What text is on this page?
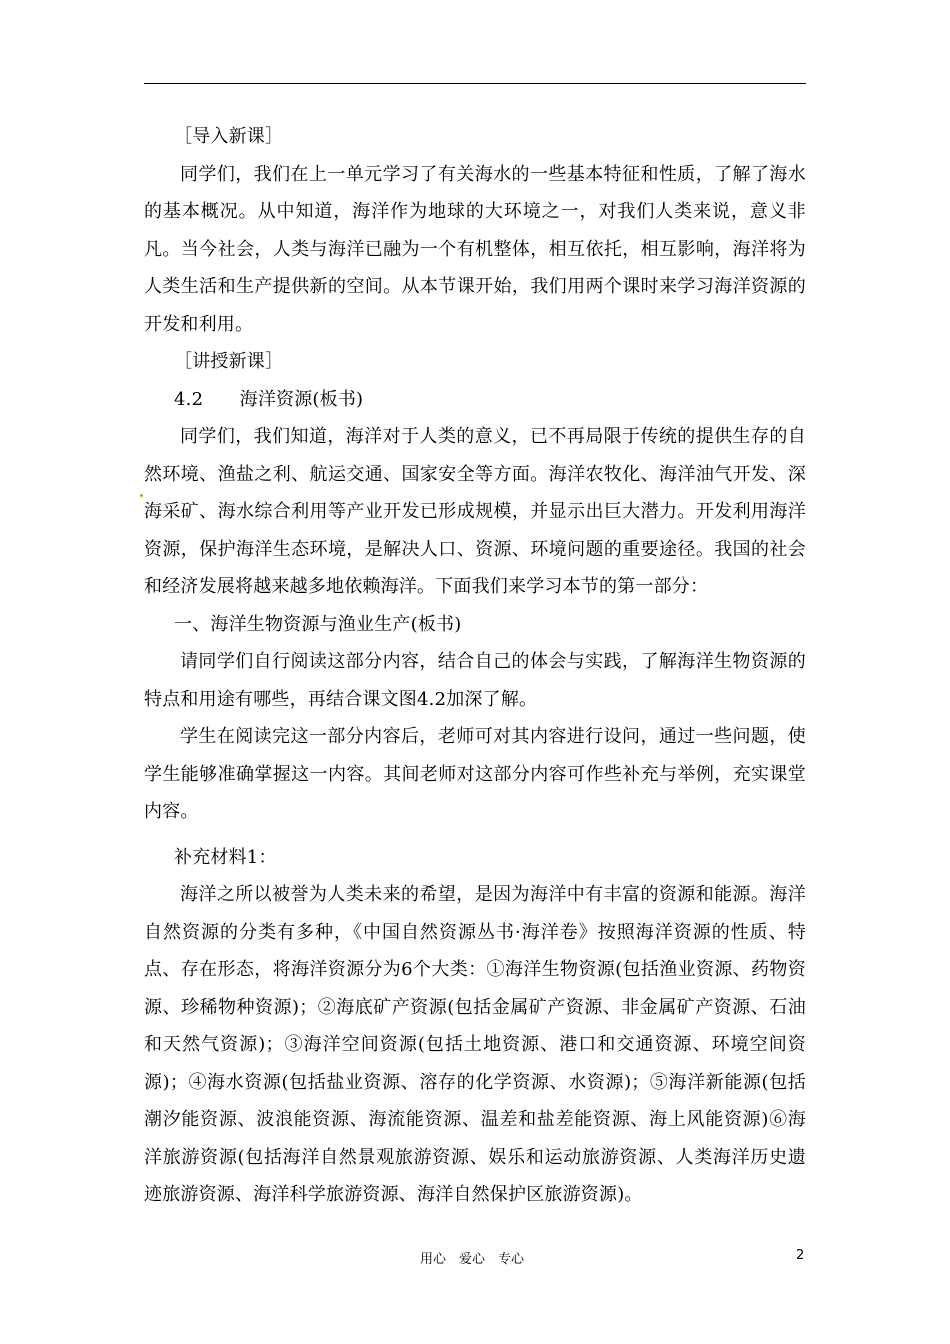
［导入新课］

同学们，我们在上一单元学习了有关海水的一些基本特征和性质，了解了海水的基本概况。从中知道，海洋作为地球的大环境之一，对我们人类来说，意义非凡。当今社会，人类与海洋已融为一个有机整体，相互依托，相互影响，海洋将为人类生活和生产提供新的空间。从本节课开始，我们用两个课时来学习海洋资源的开发和利用。

［讲授新课］

4.2　　海洋资源(板书)

同学们，我们知道，海洋对于人类的意义，已不再局限于传统的提供生存的自然环境、渔盐之利、航运交通、国家安全等方面。海洋农牧化、海洋油气开发、深海采矿、海水综合利用等产业开发已形成规模，并显示出巨大潜力。开发利用海洋资源，保护海洋生态环境，是解决人口、资源、环境问题的重要途径。我国的社会和经济发展将越来越多地依赖海洋。下面我们来学习本节的第一部分：

一、海洋生物资源与渔业生产(板书)

请同学们自行阅读这部分内容，结合自己的体会与实践，了解海洋生物资源的特点和用途有哪些，再结合课文图4.2加深了解。

学生在阅读完这一部分内容后，老师可对其内容进行设问，通过一些问题，使学生能够准确掌握这一内容。其间老师对这部分内容可作些补充与举例，充实课堂内容。

补充材料1：

海洋之所以被誉为人类未来的希望，是因为海洋中有丰富的资源和能源。海洋自然资源的分类有多种，《中国自然资源丛书·海洋卷》按照海洋资源的性质、特点、存在形态，将海洋资源分为6个大类：①海洋生物资源(包括渔业资源、药物资源、珍稀物种资源)；②海底矿产资源(包括金属矿产资源、非金属矿产资源、石油和天然气资源)；③海洋空间资源(包括土地资源、港口和交通资源、环境空间资源)；④海水资源(包括盐业资源、溶存的化学资源、水资源)；⑤海洋新能源(包括潮汐能资源、波浪能资源、海流能资源、温差和盐差能资源、海上风能资源)⑥海洋旅游资源(包括海洋自然景观旅游资源、娱乐和运动旅游资源、人类海洋历史遗迹旅游资源、海洋科学旅游资源、海洋自然保护区旅游资源)。

用心　爱心　专心	2
